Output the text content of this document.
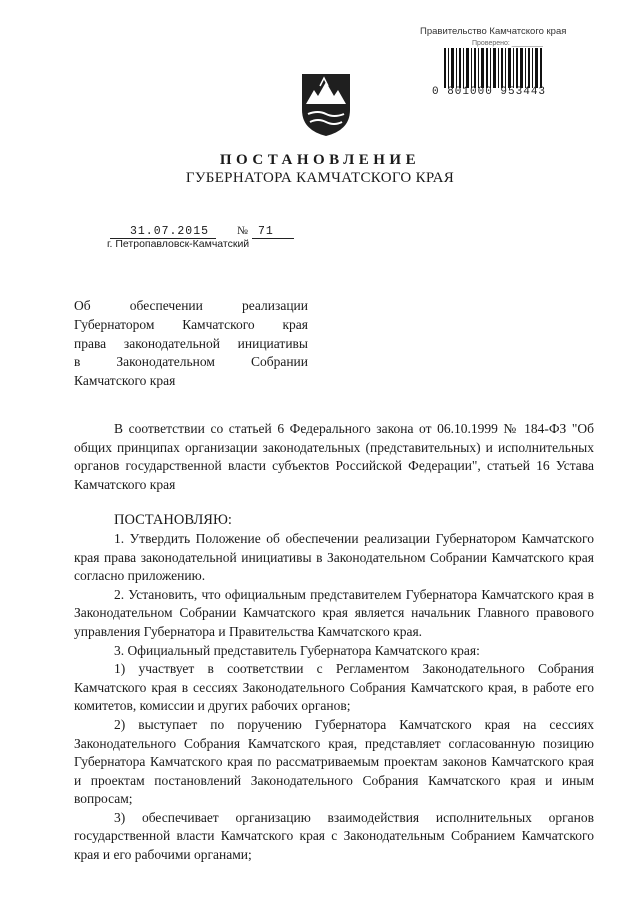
Правительство Камчатского края
Проверено: ________
0 801000 953443
ПОСТАНОВЛЕНИЕ
ГУБЕРНАТОРА КАМЧАТСКОГО КРАЯ
31.07.2015 № 71
г. Петропавловск-Камчатский
Об обеспечении реализации
Губернатором Камчатского края
права законодательной инициативы
в Законодательном Собрании
Камчатского края

В соответствии со статьей 6 Федерального закона от 06.10.1999 № 184-ФЗ "Об общих принципах организации законодательных (представительных) и исполнительных органов государственной власти субъектов Российской Федерации", статьей 16 Устава Камчатского края

ПОСТАНОВЛЯЮ:

1. Утвердить Положение об обеспечении реализации Губернатором Камчатского края права законодательной инициативы в Законодательном Собрании Камчатского края согласно приложению.

2. Установить, что официальным представителем Губернатора Камчатского края в Законодательном Собрании Камчатского края является начальник Главного правового управления Губернатора и Правительства Камчатского края.

3. Официальный представитель Губернатора Камчатского края:

1) участвует в соответствии с Регламентом Законодательного Собрания Камчатского края в сессиях Законодательного Собрания Камчатского края, в работе его комитетов, комиссии и других рабочих органов;

2) выступает по поручению Губернатора Камчатского края на сессиях Законодательного Собрания Камчатского края, представляет согласованную позицию Губернатора Камчатского края по рассматриваемым проектам законов Камчатского края и проектам постановлений Законодательного Собрания Камчатского края и иным вопросам;

3) обеспечивает организацию взаимодействия исполнительных органов государственной власти Камчатского края с Законодательным Собранием Камчатского края и его рабочими органами;
